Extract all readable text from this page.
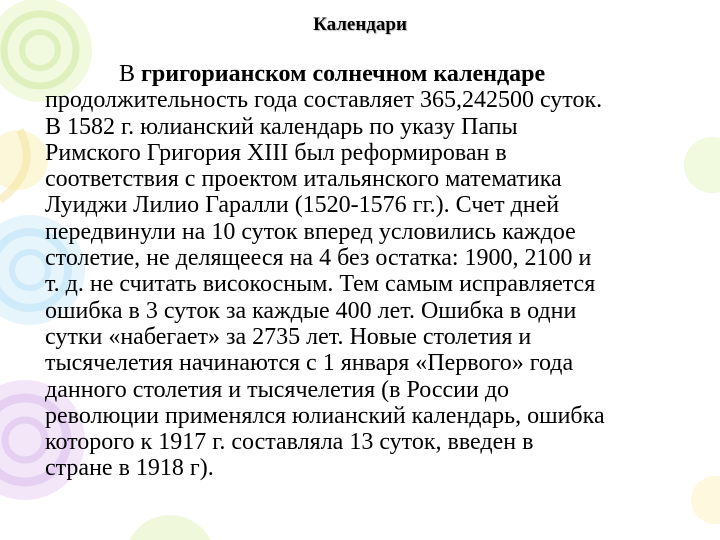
Календари
В григорианском солнечном календаре
продолжительность года составляет 365,242500 суток.
В 1582 г. юлианский календарь по указу Папы
Римского Григория XIII был реформирован в
соответствия с проектом итальянского математика
Луиджи Лилио Гаралли (1520-1576 гг.). Счет дней
передвинули на 10 суток вперед условились каждое
столетие, не делящееся на 4 без остатка: 1900, 2100 и
т. д. не считать високосным. Тем самым исправляется
ошибка в 3 суток за каждые 400 лет. Ошибка в одни
сутки «набегает» за 2735 лет. Новые столетия и
тысячелетия начинаются с 1 января «Первого» года
данного столетия и тысячелетия (в России до
революции применялся юлианский календарь, ошибка
которого к 1917 г. составляла 13 суток, введен в
стране в 1918 г).
